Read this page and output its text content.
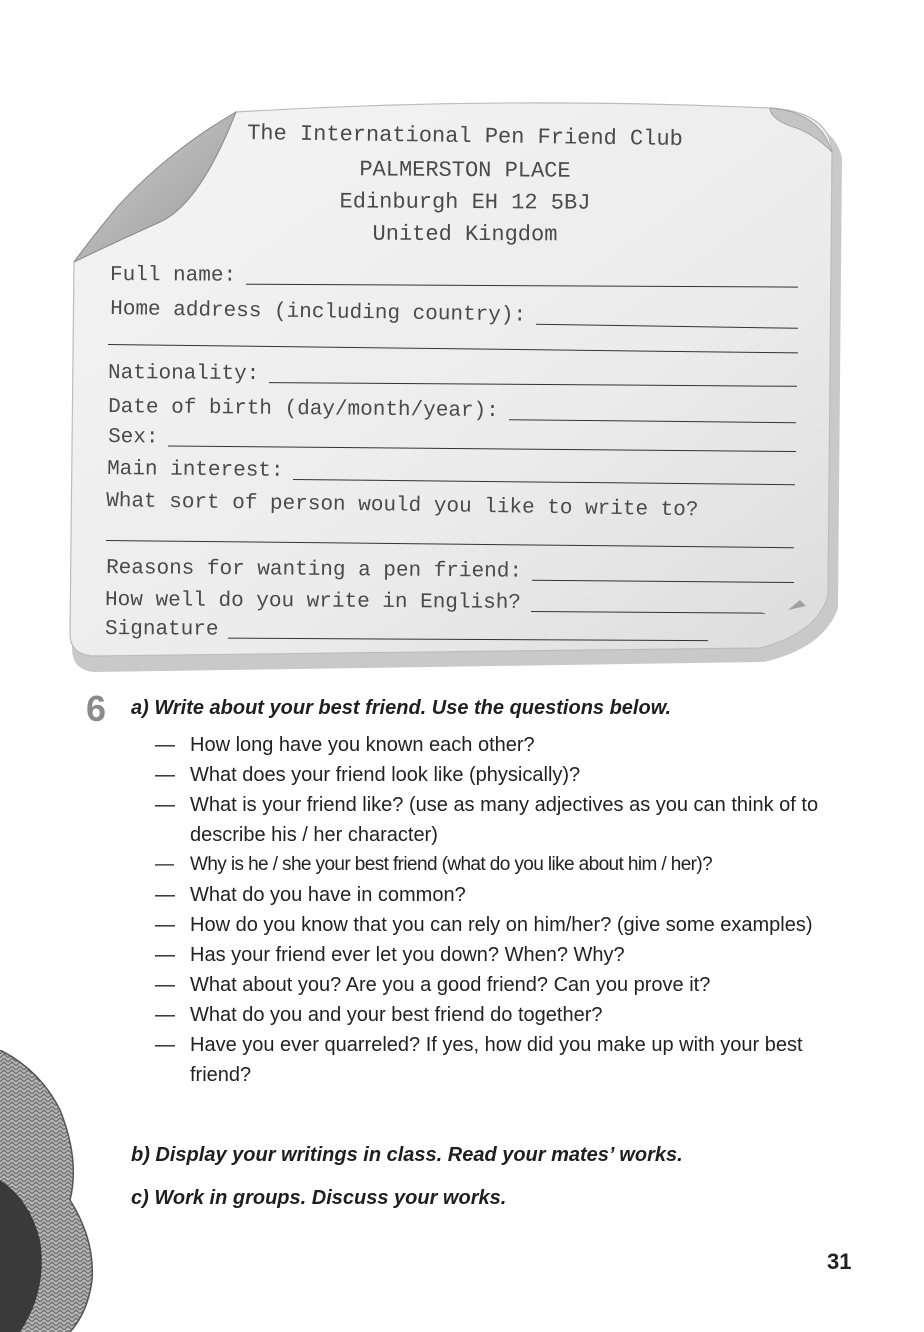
The International Pen Friend Club
PALMERSTON PLACE
Edinburgh EH 12 5BJ
United Kingdom
Full name:
Home address (including country):
Nationality:
Date of birth (day/month/year):
Sex:
Main interest:
What sort of person would you like to write to?
Reasons for wanting a pen friend:
How well do you write in English?
Signature
6 a) Write about your best friend. Use the questions below.
— How long have you known each other?
— What does your friend look like (physically)?
— What is your friend like? (use as many adjectives as you can think of to describe his / her character)
— Why is he / she your best friend (what do you like about him / her)?
— What do you have in common?
— How do you know that you can rely on him/her? (give some examples)
— Has your friend ever let you down? When? Why?
— What about you? Are you a good friend? Can you prove it?
— What do you and your best friend do together?
— Have you ever quarreled? If yes, how did you make up with your best friend?
b) Display your writings in class. Read your mates’ works.
c) Work in groups. Discuss your works.
31
